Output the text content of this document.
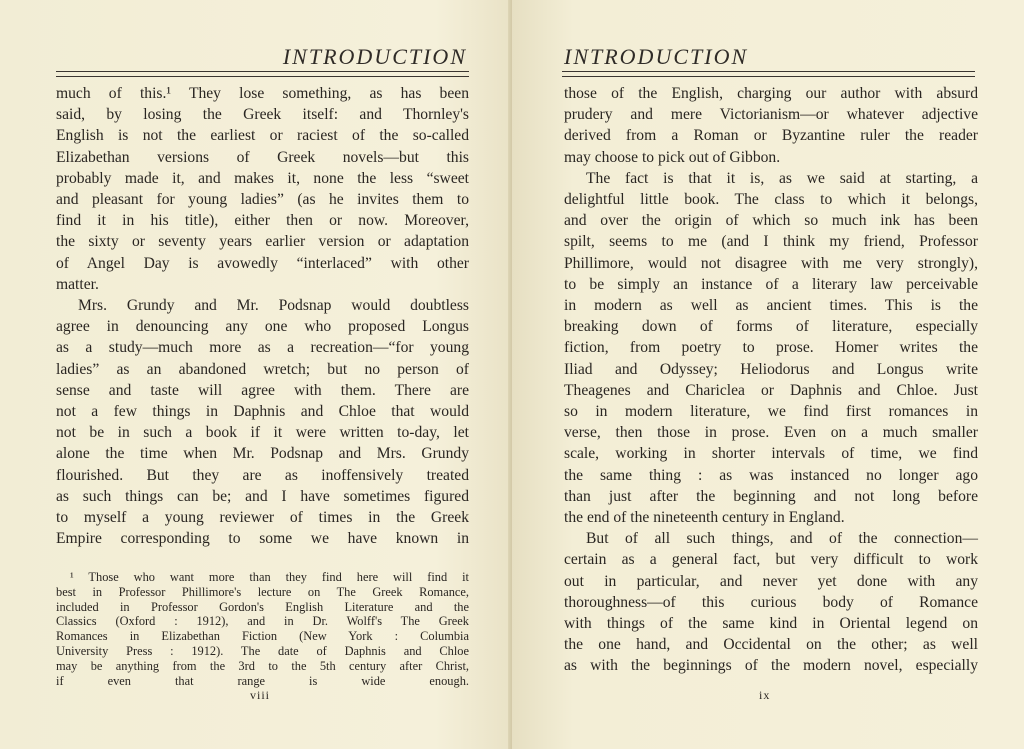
INTRODUCTION
much of this.¹ They lose something, as has been
said, by losing the Greek itself: and Thornley's
English is not the earliest or raciest of the so-called
Elizabethan versions of Greek novels—but this
probably made it, and makes it, none the less “sweet
and pleasant for young ladies” (as he invites them to
find it in his title), either then or now. Moreover,
the sixty or seventy years earlier version or adaptation
of Angel Day is avowedly “interlaced” with other
matter.
Mrs. Grundy and Mr. Podsnap would doubtless
agree in denouncing any one who proposed Longus
as a study—much more as a recreation—“for young
ladies” as an abandoned wretch; but no person of
sense and taste will agree with them. There are
not a few things in Daphnis and Chloe that would
not be in such a book if it were written to-day, let
alone the time when Mr. Podsnap and Mrs. Grundy
flourished. But they are as inoffensively treated
as such things can be; and I have sometimes figured
to myself a young reviewer of times in the Greek
Empire corresponding to some we have known in
¹ Those who want more than they find here will find it
best in Professor Phillimore's lecture on The Greek Romance,
included in Professor Gordon's English Literature and the
Classics (Oxford : 1912), and in Dr. Wolff's The Greek
Romances in Elizabethan Fiction (New York : Columbia
University Press : 1912). The date of Daphnis and Chloe
may be anything from the 3rd to the 5th century after Christ,
if even that range is wide enough.
viii
INTRODUCTION
those of the English, charging our author with absurd
prudery and mere Victorianism—or whatever adjective
derived from a Roman or Byzantine ruler the reader
may choose to pick out of Gibbon.
The fact is that it is, as we said at starting, a
delightful little book. The class to which it belongs,
and over the origin of which so much ink has been
spilt, seems to me (and I think my friend, Professor
Phillimore, would not disagree with me very strongly),
to be simply an instance of a literary law perceivable
in modern as well as ancient times. This is the
breaking down of forms of literature, especially
fiction, from poetry to prose. Homer writes the
Iliad and Odyssey; Heliodorus and Longus write
Theagenes and Chariclea or Daphnis and Chloe. Just
so in modern literature, we find first romances in
verse, then those in prose. Even on a much smaller
scale, working in shorter intervals of time, we find
the same thing : as was instanced no longer ago
than just after the beginning and not long before
the end of the nineteenth century in England.
But of all such things, and of the connection—
certain as a general fact, but very difficult to work
out in particular, and never yet done with any
thoroughness—of this curious body of Romance
with things of the same kind in Oriental legend on
the one hand, and Occidental on the other; as well
as with the beginnings of the modern novel, especially
ix
